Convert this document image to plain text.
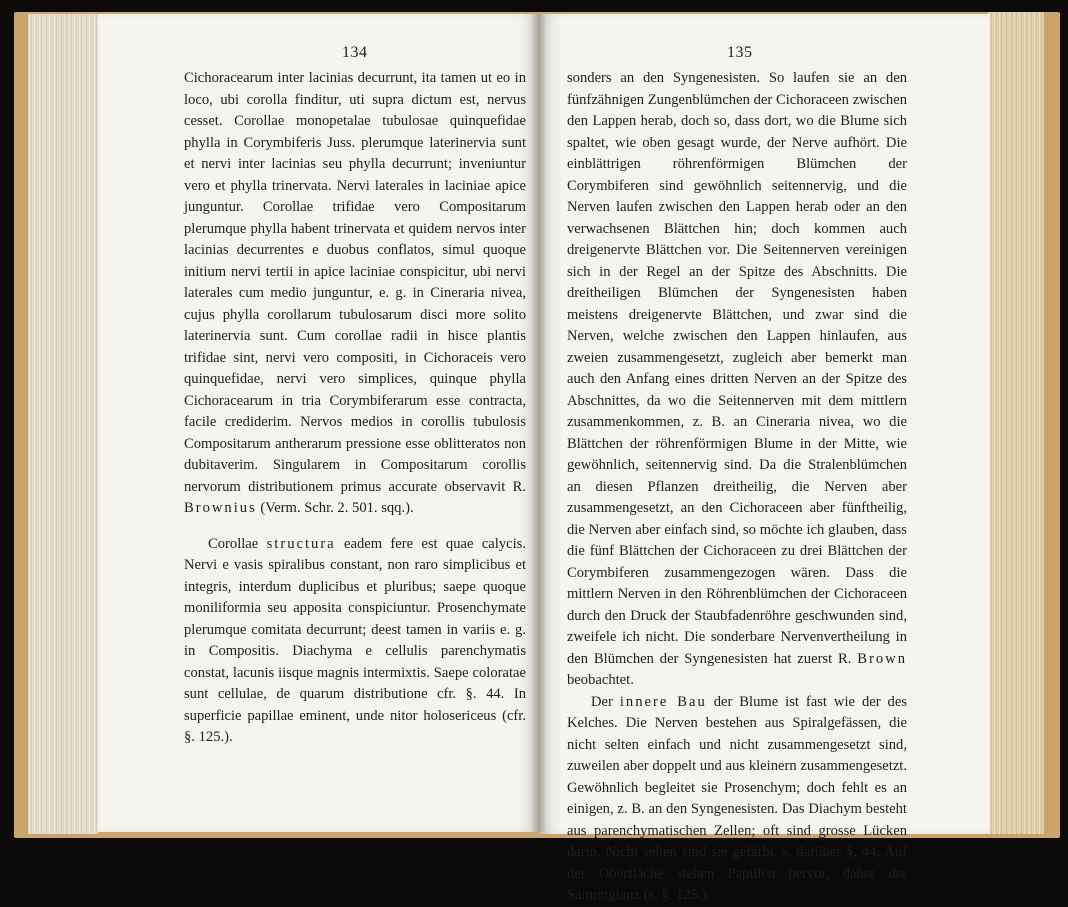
134

Cichoracearum inter lacinias decurrunt, ita tamen ut eo in loco, ubi corolla finditur, uti supra dictum est, nervus cesset. Corollae monopetalae tubulosae quinquefidae phylla in Corymbiferis Juss. plerumque laterinervia sunt et nervi inter lacinias seu phylla decurrunt; inveniuntur vero et phylla trinervata. Nervi laterales in laciniae apice junguntur. Corollae trifidae vero Compositarum plerumque phylla habent trinervata et quidem nervos inter lacinias decurrentes e duobus conflatos, simul quoque initium nervi tertii in apice laciniae conspicitur, ubi nervi laterales cum medio junguntur, e. g. in Cineraria nivea, cujus phylla corollarum tubulosarum disci more solito laterinervia sunt. Cum corollae radii in hisce plantis trifidae sint, nervi vero compositi, in Cichoraceis vero quinquefidae, nervi vero simplices, quinque phylla Cichoracearum in tria Corymbiferarum esse contracta, facile crediderim. Nervos medios in corollis tubulosis Compositarum antherarum pressione esse oblitteratos non dubitaverim. Singularem in Compositarum corollis nervorum distributionem primus accurate observavit R. Brownius (Verm. Schr. 2. 501. sqq.).

Corollae structura eadem fere est quae calycis. Nervi e vasis spiralibus constant, non raro simplicibus et integris, interdum duplicibus et pluribus; saepe quoque moniliformia seu apposita conspiciuntur. Prosenchymate plerumque comitata decurrunt; deest tamen in variis e. g. in Compositis. Diachyma e cellulis parenchymatis constat, lacunis iisque magnis intermixtis. Saepe coloratae sunt cellulae, de quarum distributione cfr. §. 44. In superficie papillae eminent, unde nitor holosericeus (cfr. §. 125.).

135

sonders an den Syngenesisten. So laufen sie an den fünfzähnigen Zungenblümchen der Cichoraceen zwischen den Lappen herab, doch so, dass dort, wo die Blume sich spaltet, wie oben gesagt wurde, der Nerve aufhört. Die einblättrigen röhrenförmigen Blümchen der Corymbiferen sind gewöhnlich seitennervig, und die Nerven laufen zwischen den Lappen herab oder an den verwachsenen Blättchen hin; doch kommen auch dreigenervte Blättchen vor. Die Seitennerven vereinigen sich in der Regel an der Spitze des Abschnitts. Die dreitheiligen Blümchen der Syngenesisten haben meistens dreigenervte Blättchen, und zwar sind die Nerven, welche zwischen den Lappen hinlaufen, aus zweien zusammengesetzt, zugleich aber bemerkt man auch den Anfang eines dritten Nerven an der Spitze des Abschnittes, da wo die Seitennerven mit dem mittlern zusammenkommen, z. B. an Cineraria nivea, wo die Blättchen der röhrenförmigen Blume in der Mitte, wie gewöhnlich, seitennervig sind. Da die Stralenblümchen an diesen Pflanzen dreitheilig, die Nerven aber zusammengesetzt, an den Cichoraceen aber fünftheilig, die Nerven aber einfach sind, so möchte ich glauben, dass die fünf Blättchen der Cichoraceen zu drei Blättchen der Corymbiferen zusammengezogen wären. Dass die mittlern Nerven in den Röhrenblümchen der Cichoraceen durch den Druck der Staubfadenröhre geschwunden sind, zweifele ich nicht. Die sonderbare Nervenvertheilung in den Blümchen der Syngenesisten hat zuerst R. Brown beobachtet.

Der innere Bau der Blume ist fast wie der des Kelches. Die Nerven bestehen aus Spiralgefässen, die nicht selten einfach und nicht zusammengesetzt sind, zuweilen aber doppelt und aus kleinern zusammengesetzt. Gewöhnlich begleitet sie Prosenchym; doch fehlt es an einigen, z. B. an den Syngenesisten. Das Diachym besteht aus parenchymatischen Zellen; oft sind grosse Lücken darin. Nicht selten sind sie gefärbt, s. darüber §. 44. Auf der Oberfläche stehen Papillen hervor, daher der Sammtglanz (s. §. 125.).
